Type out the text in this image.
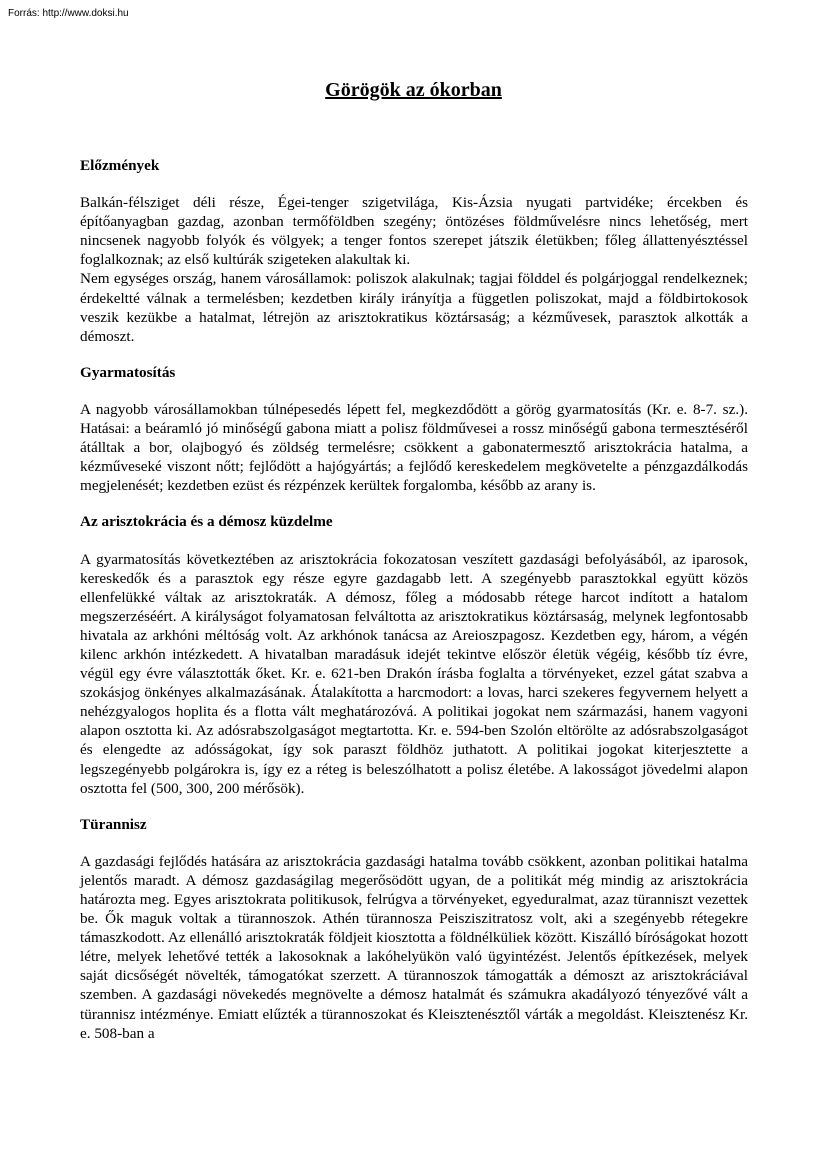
Forrás: http://www.doksi.hu
Görögök az ókorban
Előzmények

Balkán-félsziget déli része, Égei-tenger szigetvilága, Kis-Ázsia nyugati partvidéke; ércekben és építőanyagban gazdag, azonban termőföldben szegény; öntözéses földművelésre nincs lehetőség, mert nincsenek nagyobb folyók és völgyek; a tenger fontos szerepet játszik életükben; főleg állattenyésztéssel foglalkoznak; az első kultúrák szigeteken alakultak ki.

Nem egységes ország, hanem városállamok: poliszok alakulnak; tagjai földdel és polgárjoggal rendelkeznek; érdekeltté válnak a termelésben; kezdetben király irányítja a független poliszokat, majd a földbirtokosok veszik kezükbe a hatalmat, létrejön az arisztokratikus köztársaság; a kézművesek, parasztok alkották a démoszt.

Gyarmatosítás

A nagyobb városállamokban túlnépesedés lépett fel, megkezdődött a görög gyarmatosítás (Kr. e. 8-7. sz.). Hatásai: a beáramló jó minőségű gabona miatt a polisz földművesei a rossz minőségű gabona termesztéséről átálltak a bor, olajbogyó és zöldség termelésre; csökkent a gabonatermesztő arisztokrácia hatalma, a kézműveseké viszont nőtt; fejlődött a hajógyártás; a fejlődő kereskedelem megkövetelte a pénzgazdálkodás megjelenését; kezdetben ezüst és rézpénzek kerültek forgalomba, később az arany is.

Az arisztokrácia és a démosz küzdelme

A gyarmatosítás következtében az arisztokrácia fokozatosan veszített gazdasági befolyásából, az iparosok, kereskedők és a parasztok egy része egyre gazdagabb lett. A szegényebb parasztokkal együtt közös ellenfelükké váltak az arisztokraták. A démosz, főleg a módosabb rétege harcot indított a hatalom megszerzéséért. A királyságot folyamatosan felváltotta az arisztokratikus köztársaság, melynek legfontosabb hivatala az arkhóni méltóság volt. Az arkhónok tanácsa az Areioszpagosz. Kezdetben egy, három, a végén kilenc arkhón intézkedett. A hivatalban maradásuk idejét tekintve először életük végéig, később tíz évre, végül egy évre választották őket. Kr. e. 621-ben Drakón írásba foglalta a törvényeket, ezzel gátat szabva a szokásjog önkényes alkalmazásának. Átalakította a harcmodort: a lovas, harci szekeres fegyvernem helyett a nehézgyalogos hoplita és a flotta vált meghatározóvá. A politikai jogokat nem származási, hanem vagyoni alapon osztotta ki. Az adósrabszolgaságot megtartotta. Kr. e. 594-ben Szolón eltörölte az adósrabszolgaságot és elengedte az adósságokat, így sok paraszt földhöz juthatott. A politikai jogokat kiterjesztette a legszegényebb polgárokra is, így ez a réteg is beleszólhatott a polisz életébe. A lakosságot jövedelmi alapon osztotta fel (500, 300, 200 mérősök).

Türannisz

A gazdasági fejlődés hatására az arisztokrácia gazdasági hatalma tovább csökkent, azonban politikai hatalma jelentős maradt. A démosz gazdaságilag megerősödött ugyan, de a politikát még mindig az arisztokrácia határozta meg. Egyes arisztokrata politikusok, felrúgva a törvényeket, egyeduralmat, azaz türanniszt vezettek be. Ők maguk voltak a türannoszok. Athén türannosza Peisziszitratosz volt, aki a szegényebb rétegekre támaszkodott. Az ellenálló arisztokraták földjeit kiosztotta a földnélküliek között. Kiszálló bíróságokat hozott létre, melyek lehetővé tették a lakosoknak a lakóhelyükön való ügyintézést. Jelentős építkezések, melyek saját dicsőségét növelték, támogatókat szerzett. A türannoszok támogatták a démoszt az arisztokráciával szemben. A gazdasági növekedés megnövelte a démosz hatalmát és számukra akadályozó tényezővé vált a türannisz intézménye. Emiatt elűzték a türannoszokat és Kleisztenésztől várták a megoldást. Kleisztenész Kr. e. 508-ban a
